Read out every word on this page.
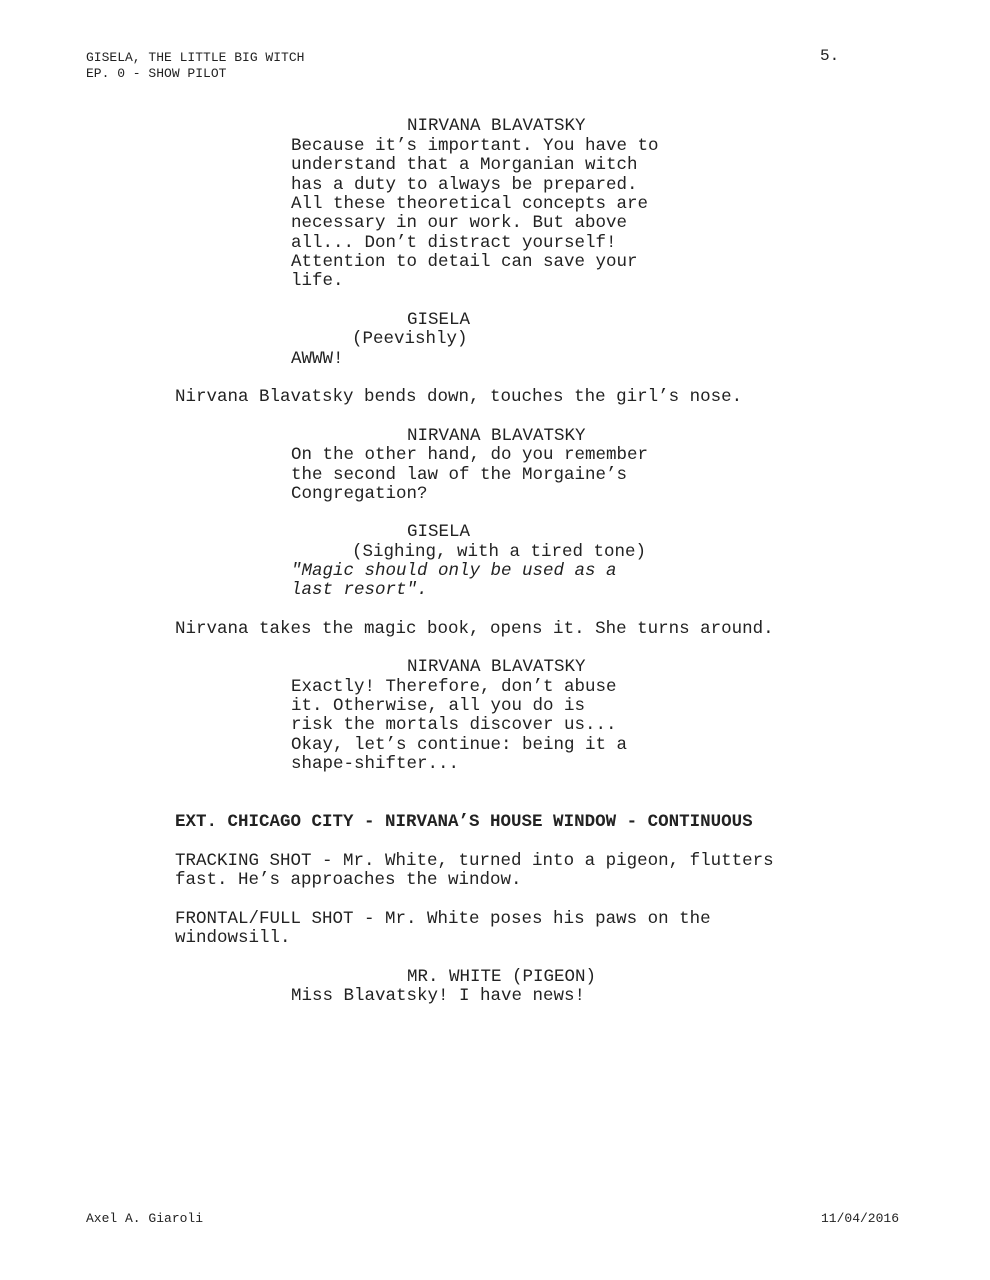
GISELA, THE LITTLE BIG WITCH
EP. 0 - SHOW PILOT
5.
NIRVANA BLAVATSKY
Because it’s important. You have to
understand that a Morganian witch
has a duty to always be prepared.
All these theoretical concepts are
necessary in our work. But above
all... Don’t distract yourself!
Attention to detail can save your
life.
GISELA
(Peevishly)
AWWW!
Nirvana Blavatsky bends down, touches the girl’s nose.
NIRVANA BLAVATSKY
On the other hand, do you remember
the second law of the Morgaine’s
Congregation?
GISELA
(Sighing, with a tired tone)
"Magic should only be used as a
last resort".
Nirvana takes the magic book, opens it. She turns around.
NIRVANA BLAVATSKY
Exactly! Therefore, don’t abuse
it. Otherwise, all you do is
risk the mortals discover us...
Okay, let’s continue: being it a
shape-shifter...
EXT. CHICAGO CITY - NIRVANA’S HOUSE WINDOW - CONTINUOUS
TRACKING SHOT - Mr. White, turned into a pigeon, flutters
fast. He’s approaches the window.
FRONTAL/FULL SHOT - Mr. White poses his paws on the
windowsill.
MR. WHITE (PIGEON)
Miss Blavatsky! I have news!
Axel A. Giaroli	11/04/2016
